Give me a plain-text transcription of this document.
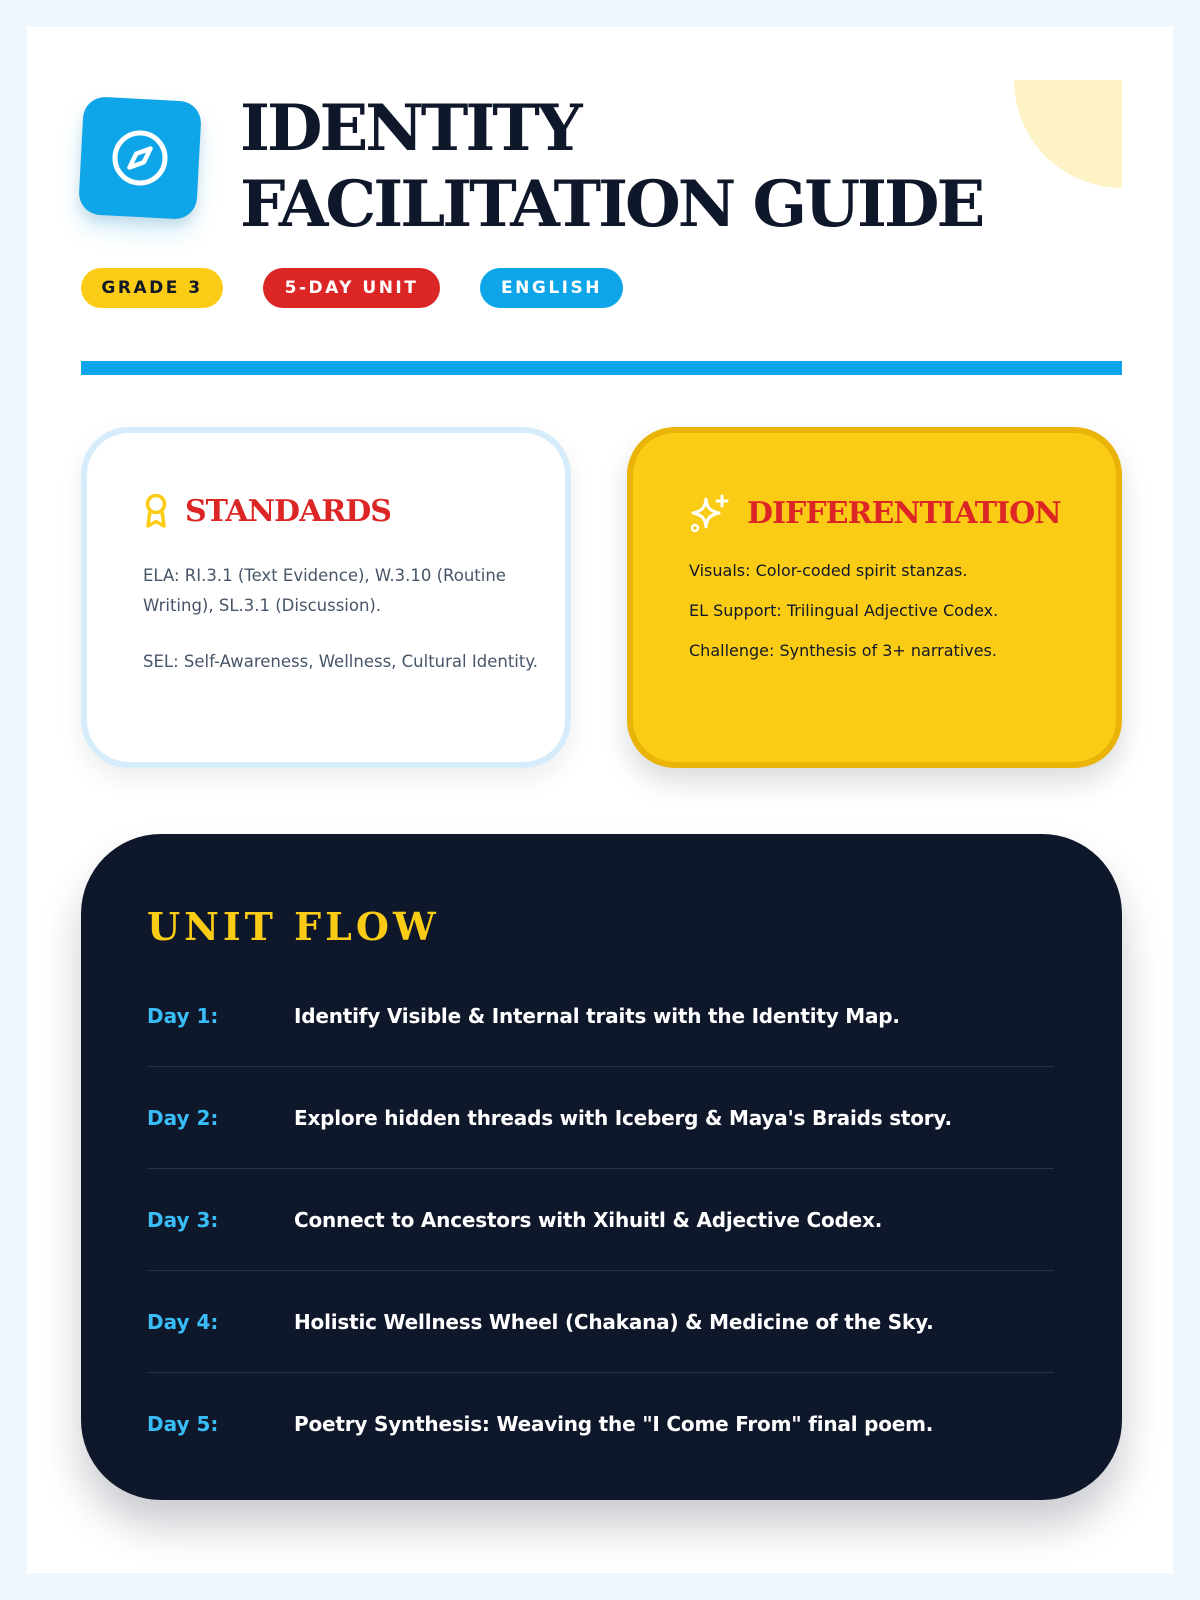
IDENTITY
FACILITATION GUIDE
GRADE 3	5-DAY UNIT	ENGLISH
STANDARDS

ELA: RI.3.1 (Text Evidence), W.3.10 (Routine Writing), SL.3.1 (Discussion).

SEL: Self-Awareness, Wellness, Cultural Identity.

DIFFERENTIATION

Visuals: Color-coded spirit stanzas.

EL Support: Trilingual Adjective Codex.

Challenge: Synthesis of 3+ narratives.

UNIT FLOW
Day 1:	Identify Visible & Internal traits with the Identity Map.
Day 2:	Explore hidden threads with Iceberg & Maya's Braids story.
Day 3:	Connect to Ancestors with Xihuitl & Adjective Codex.
Day 4:	Holistic Wellness Wheel (Chakana) & Medicine of the Sky.
Day 5:	Poetry Synthesis: Weaving the "I Come From" final poem.
